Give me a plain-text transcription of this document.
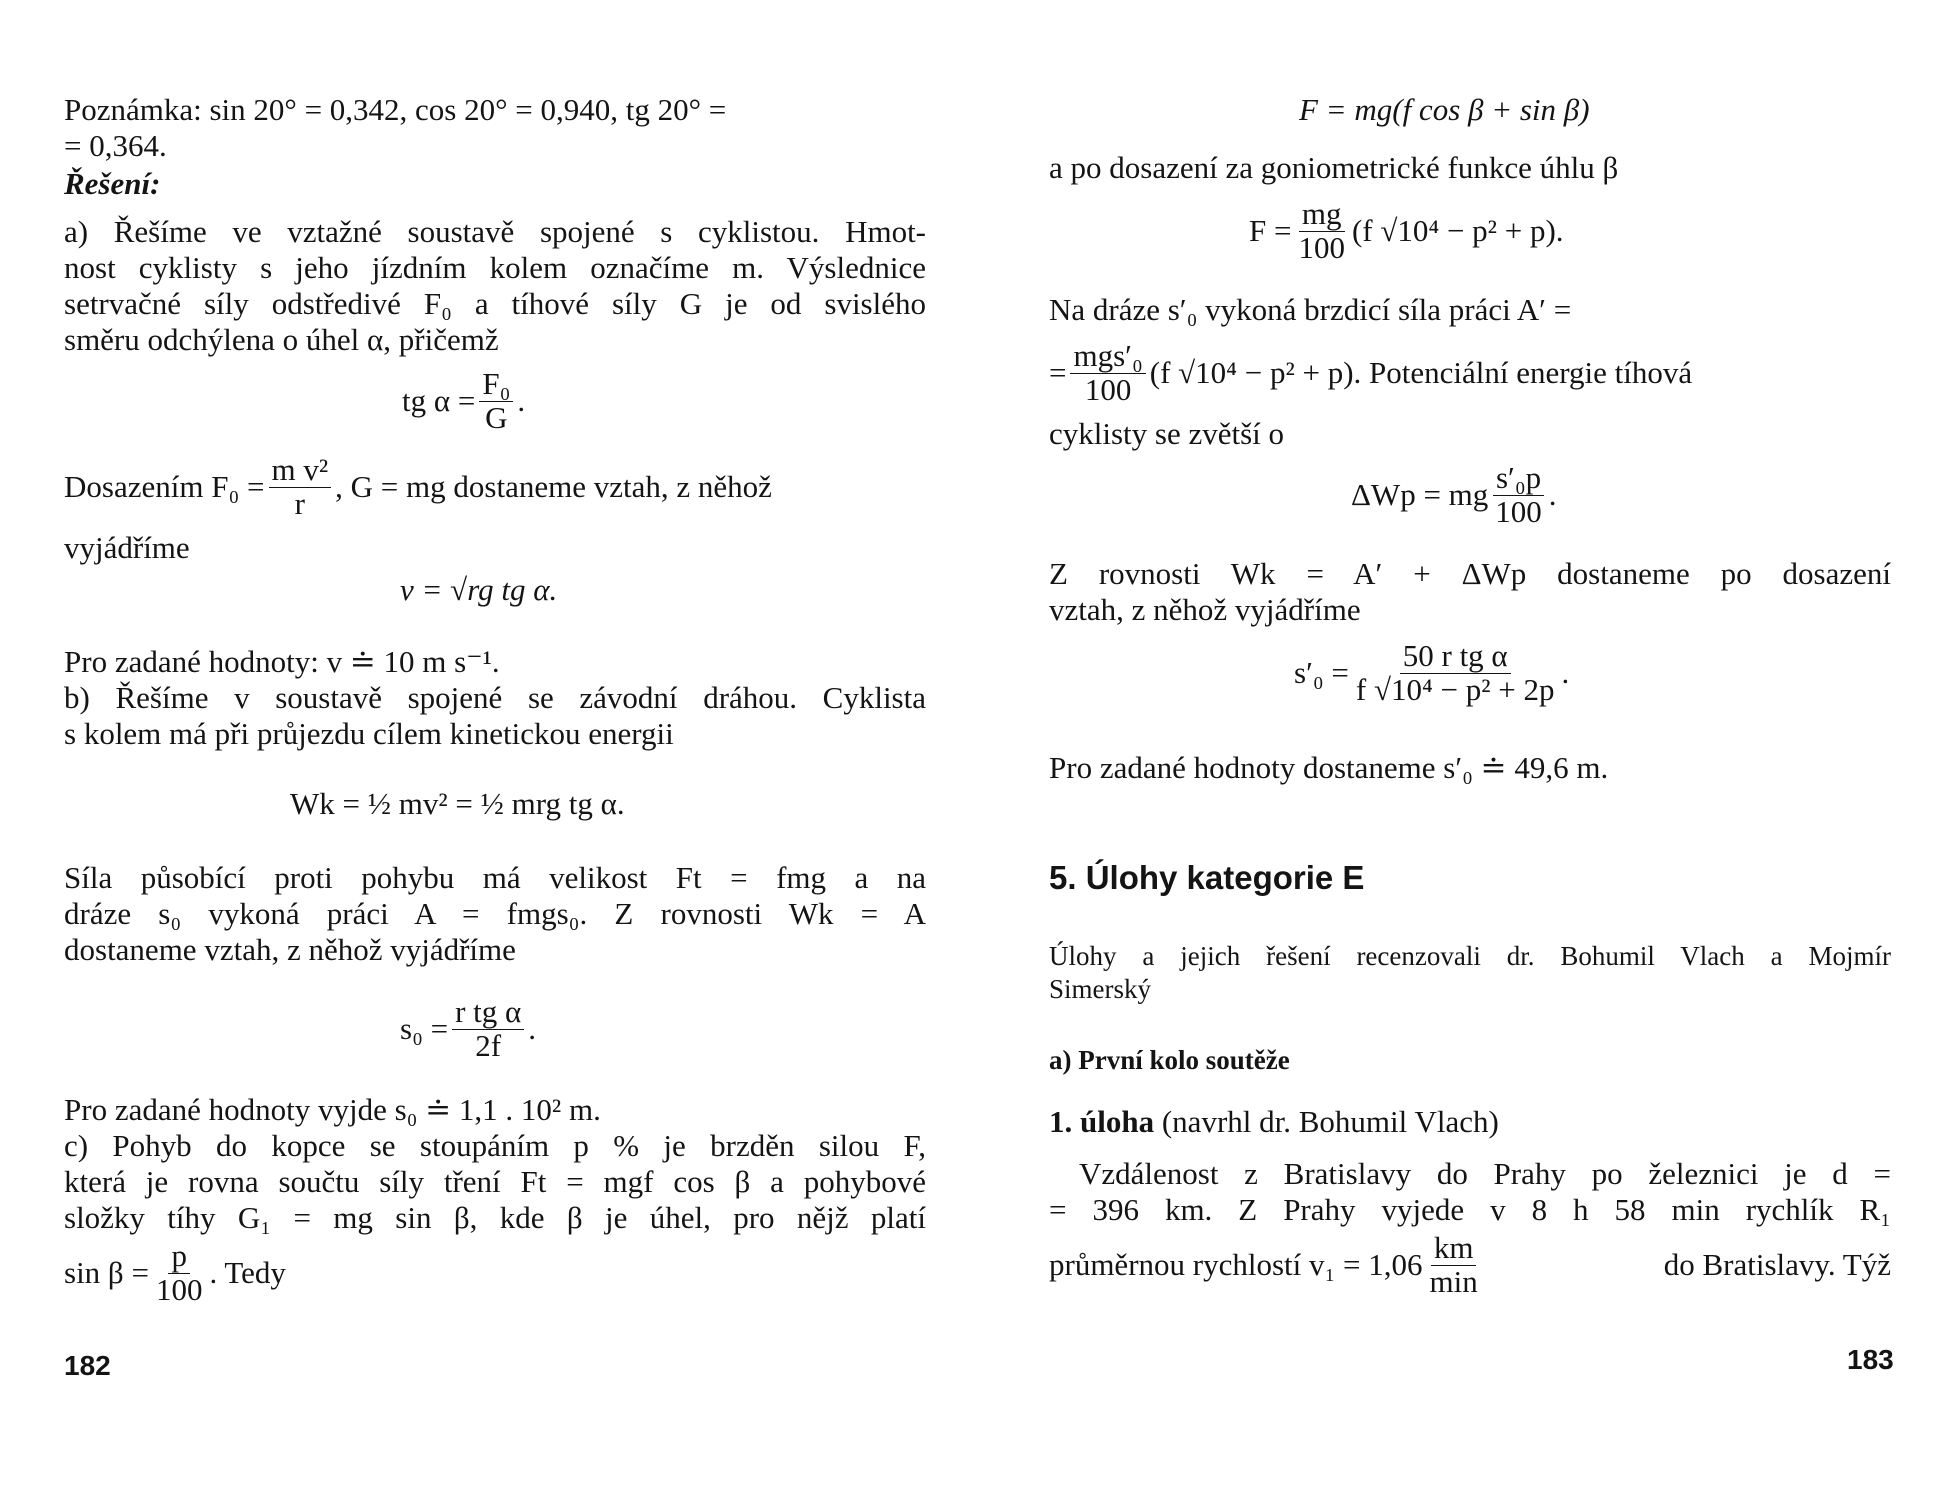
Poznámka: sin 20° = 0,342, cos 20° = 0,940, tg 20° =
= 0,364.
Řešení:
a) Řešíme ve vztažné soustavě spojené s cyklistou. Hmot-
nost cyklisty s jeho jízdním kolem označíme m. Výslednice
setrvačné síly odstředivé F₀ a tíhové síly G je od svislého
směru odchýlena o úhel α, přičemž
tg $\alpha = \frac{\text{F₀}}{G}$ .
Dosazením $F_0 = \frac{\text{m v²}}{r}$ , G = mg dostaneme vztah, z něhož
vyjádříme
v = √rg tg α.
Pro zadané hodnoty: v ≐ 10 m s⁻¹.
b) Řešíme v soustavě spojené se závodní dráhou. Cyklista
s kolem má při průjezdu cílem kinetickou energii
Wk = ½ mv² = ½ mrg tg α.
Síla působící proti pohybu má velikost Ft = fmg a na
dráze s₀ vykoná práci A = fmgs₀. Z rovnosti Wk = A
dostaneme vztah, z něhož vyjádříme
$s_0 = \frac{\text{r tg α}}{2f}$ .
Pro zadané hodnoty vyjde s₀ ≐ 1,1 . 10² m.
c) Pohyb do kopce se stoupáním p % je brzděn silou F,
která je rovna součtu síly tření Ft = mgf cos β a pohybové
složky tíhy G₁ = mg sin β, kde β je úhel, pro nějž platí
$\sin \beta = \frac{p}{100}$ . Tedy
182
F = mg(f cos β + sin β)
a po dosazení za goniometrické funkce úhlu β
$F = \frac{mg}{100} (f$ √10⁴ − p² + p).
Na dráze s′₀ vykoná brzdicí síla práci A′ =
= $\frac{\text{mgs′₀}}{100} (f$ √10⁴ − p² + p). Potenciální energie tíhová
cyklisty se zvětší o
ΔWp = mg $\frac{\text{s′₀p}}{100}$ .
Z rovnosti Wk = A′ + ΔWp dostaneme po dosazení
vztah, z něhož vyjádříme
$s'_0 = \frac{\text{50 r tg α}}{\text{f √10⁴ − p² + 2p}}$ .
Pro zadané hodnoty dostaneme s′₀ ≐ 49,6 m.
5. Úlohy kategorie E
Úlohy a jejich řešení recenzovali dr. Bohumil Vlach a Mojmír
Simerský
a) První kolo soutěže
1. úloha (navrhl dr. Bohumil Vlach)
Vzdálenost z Bratislavy do Prahy po železnici je d =
= 396 km. Z Prahy vyjede v 8 h 58 min rychlík R₁
průměrnou rychlostí $v_1 = 1,06 \frac{km}{\min}$	do Bratislavy. Týž
183
